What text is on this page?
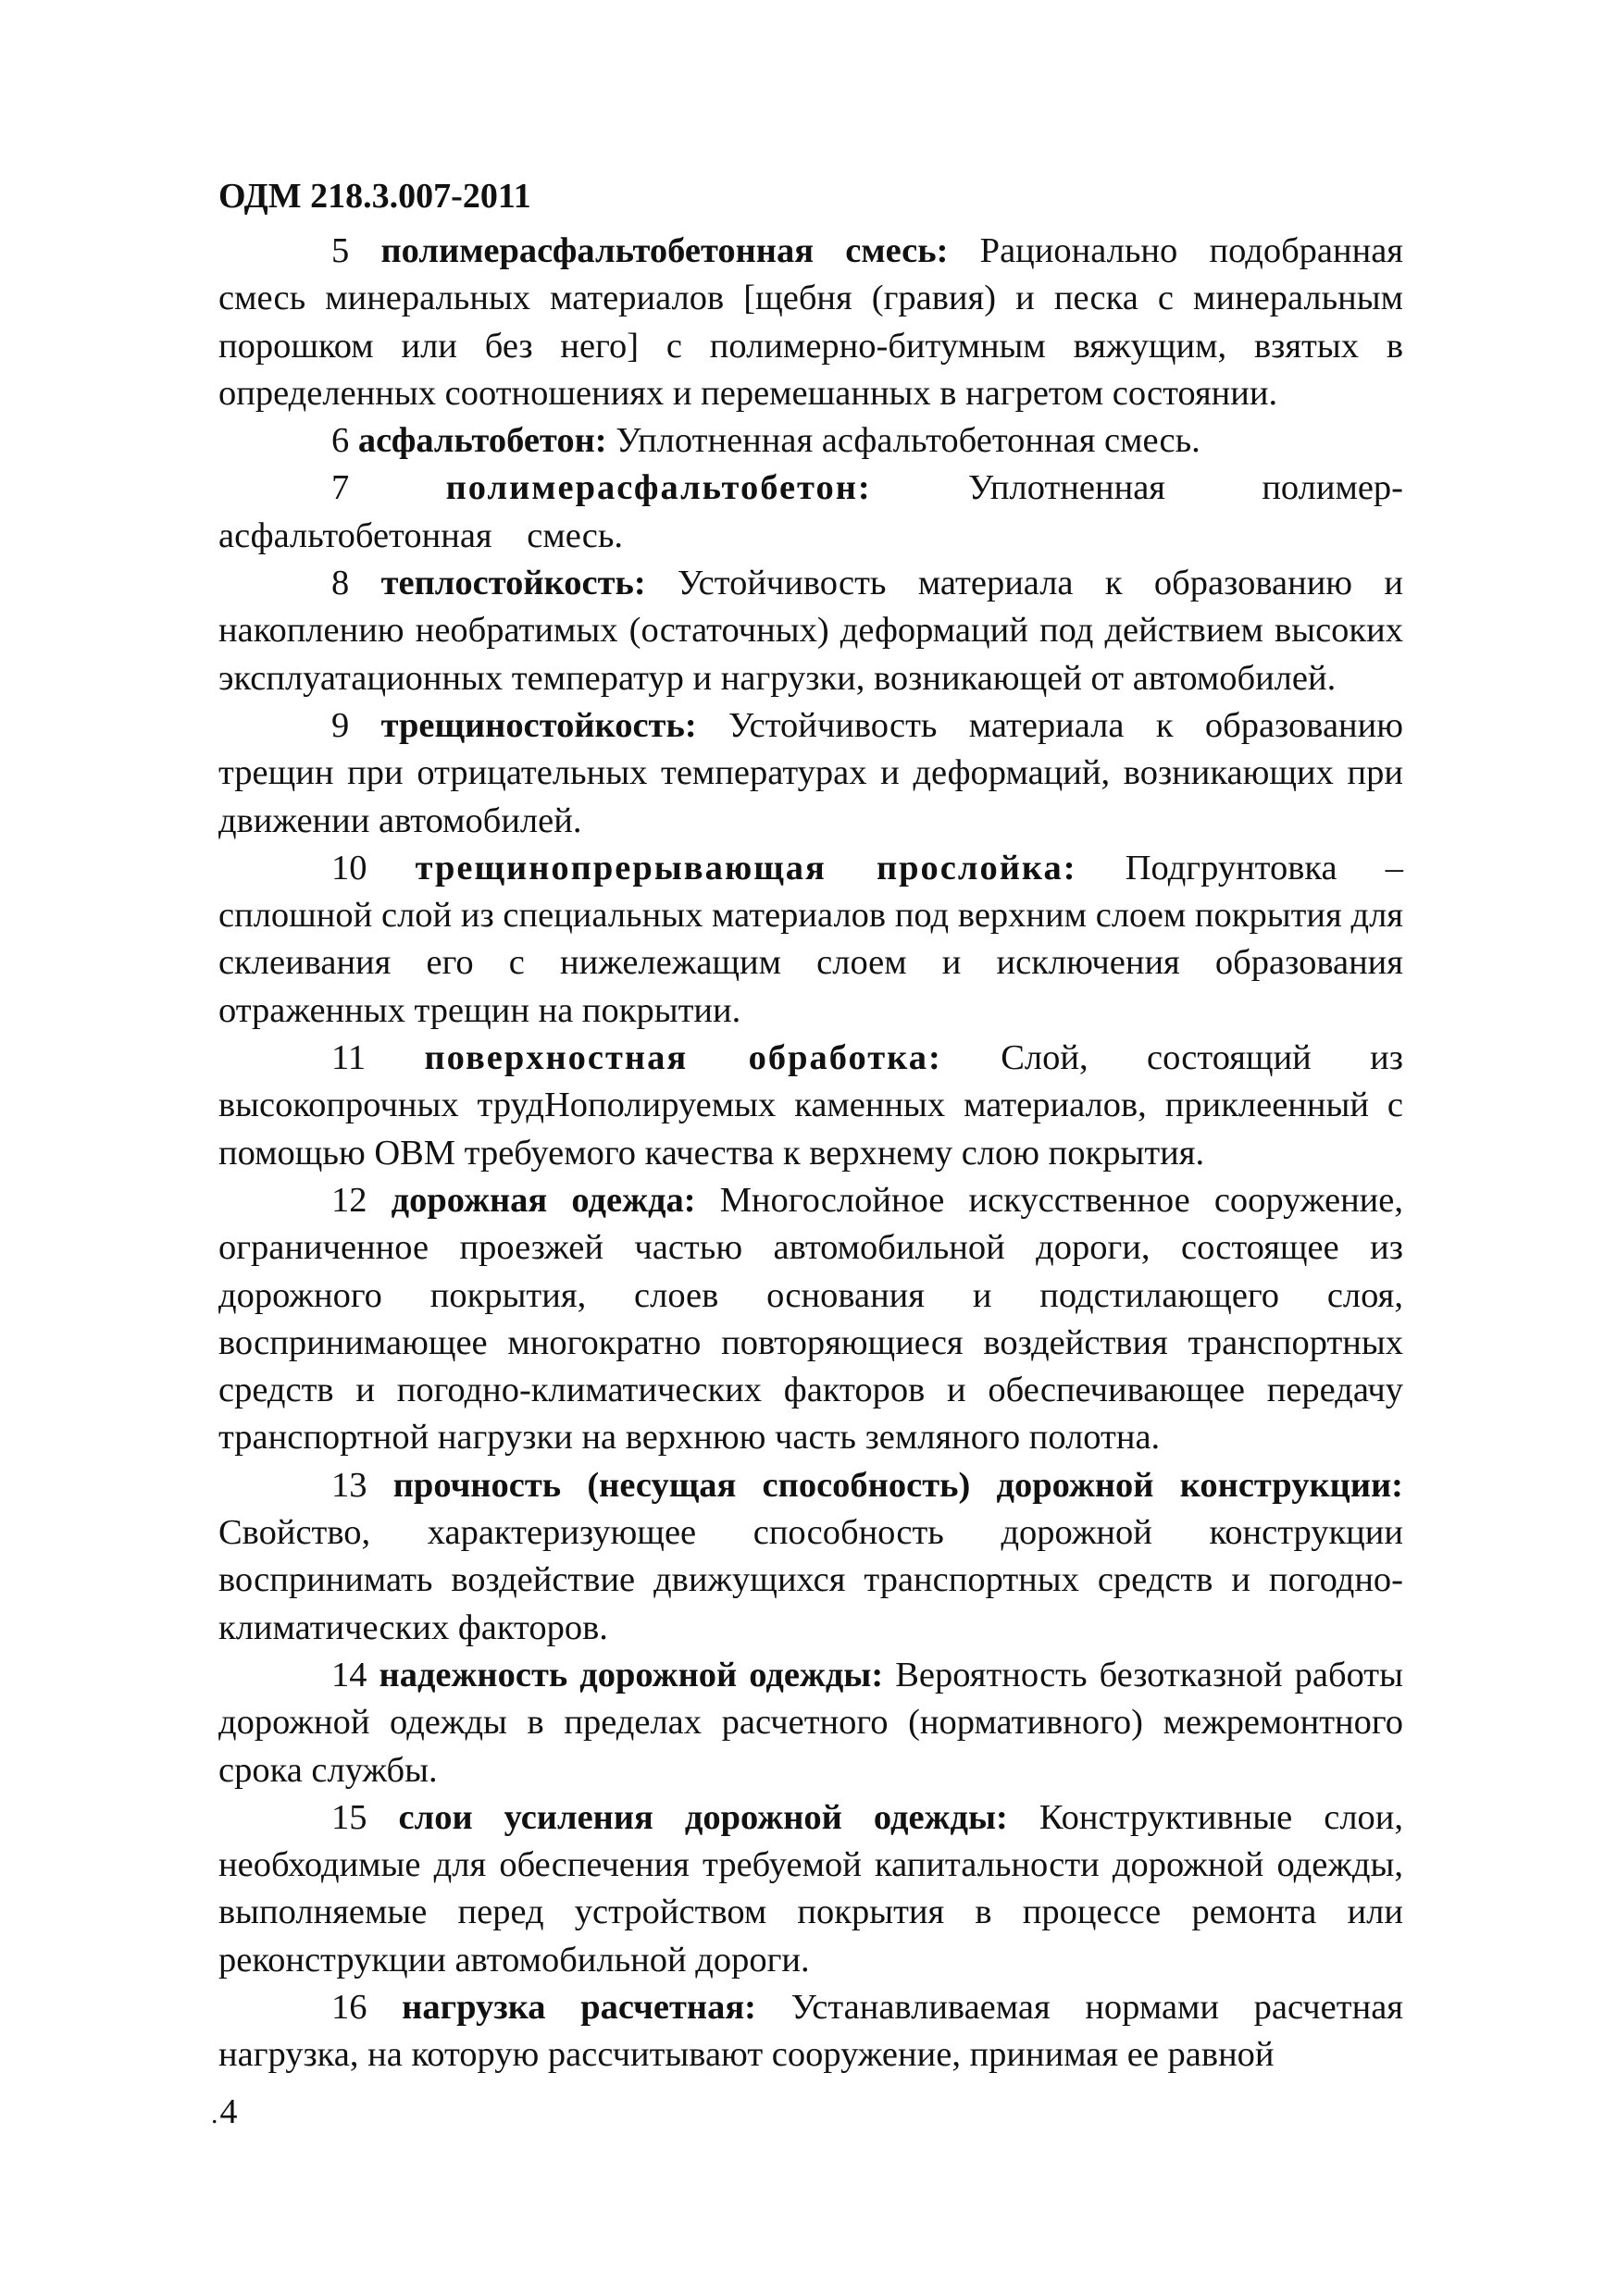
ОДМ 218.3.007-2011

5 полимерасфальтобетонная смесь: Рационально подобранная смесь минеральных материалов [щебня (гравия) и песка с минеральным порошком или без него] с полимерно-битумным вяжущим, взятых в определенных соотношениях и перемешанных в нагретом состоянии.

6 асфальтобетон: Уплотненная асфальтобетонная смесь.

7	полимерасфальтобетон:	Уплотненная полимер-асфальтобетонная смесь.

8 теплостойкость: Устойчивость материала к образованию и накоплению необратимых (остаточных) деформаций под действием высоких эксплуатационных температур и нагрузки, возникающей от автомобилей.

9 трещиностойкость: Устойчивость материала к образованию трещин при отрицательных температурах и деформаций, возникающих при движении автомобилей.

10 трещинопрерывающая прослойка: Подгрунтовка – сплошной слой из специальных материалов под верхним слоем покрытия для склеивания его с нижележащим слоем и исключения образования отраженных трещин на покрытии.

11 поверхностная обработка: Слой, состоящий из высокопрочных трудНополируемых каменных материалов, приклеенный с помощью ОВМ требуемого качества к верхнему слою покрытия.

12 дорожная одежда: Многослойное искусственное сооружение, ограниченное проезжей частью автомобильной дороги, состоящее из дорожного покрытия, слоев основания и подстилающего слоя, воспринимающее многократно повторяющиеся воздействия транспортных средств и погодно-климатических факторов и обеспечивающее передачу транспортной нагрузки на верхнюю часть земляного полотна.

13 прочность (несущая способность) дорожной конструкции: Свойство, характеризующее способность дорожной конструкции воспринимать воздействие движущихся транспортных средств и погодно-климатических факторов.

14 надежность дорожной одежды: Вероятность безотказной работы дорожной одежды в пределах расчетного (нормативного) межремонтного срока службы.

15 слои усиления дорожной одежды: Конструктивные слои, необходимые для обеспечения требуемой капитальности дорожной одежды, выполняемые перед устройством покрытия в процессе ремонта или реконструкции автомобильной дороги.

16 нагрузка расчетная: Устанавливаемая нормами расчетная нагрузка, на которую рассчитывают сооружение, принимая ее равной

.4
